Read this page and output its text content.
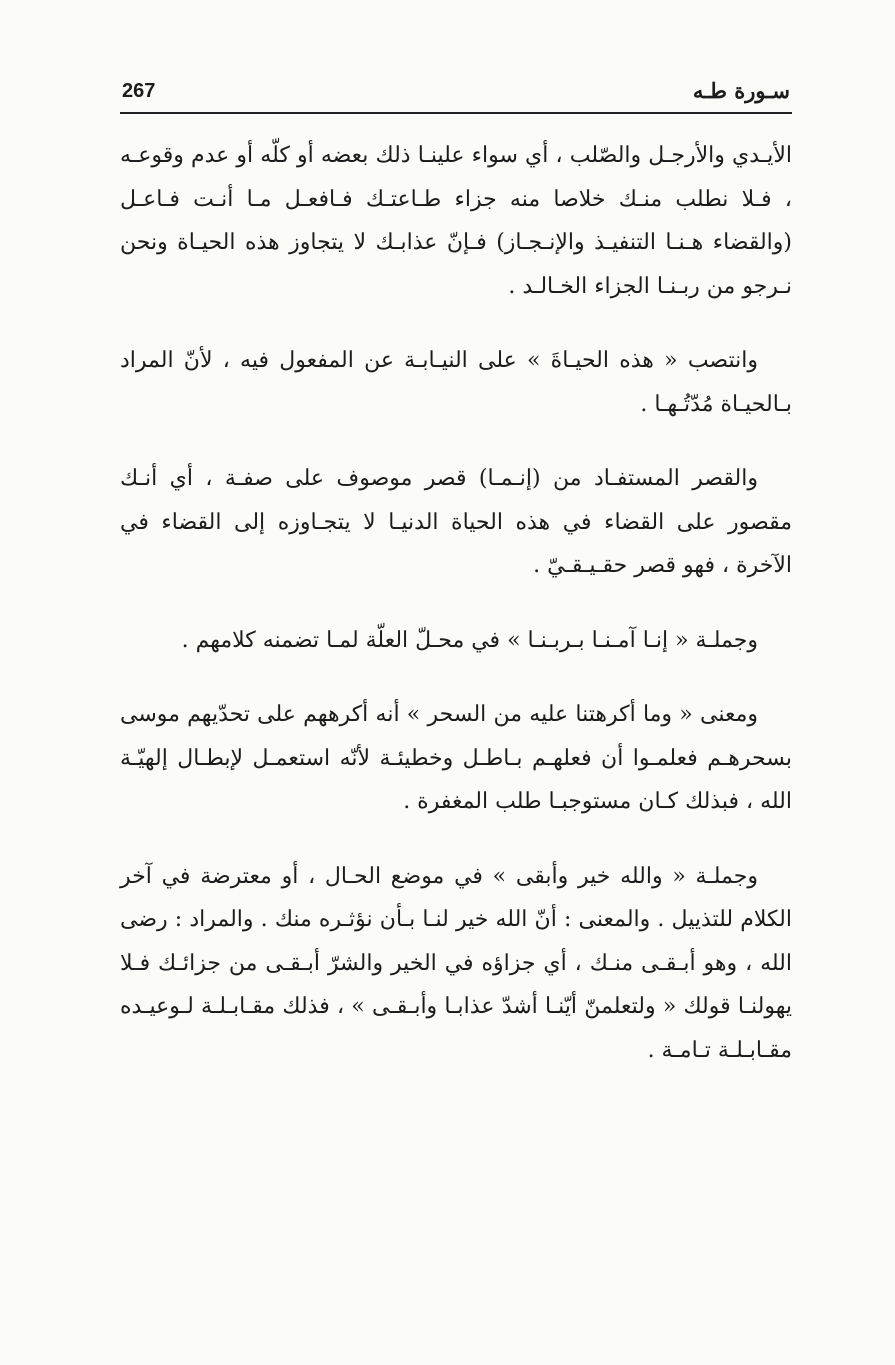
267	سـورة طـه

الأيـدي والأرجـل والصّلب ، أي سواء علينـا ذلك بعضه أو كلّه أو عدم وقوعـه ، فـلا نطلب منـك خلاصا منه جزاء طـاعتـك فـافعـل مـا أنـت فـاعـل (والقضاء هـنـا التنفيـذ والإنـجـاز) فـإنّ عذابـك لا يتجاوز هذه الحيـاة ونحن نـرجو من ربـنـا الجزاء الخـالـد .

وانتصب « هذه الحيـاةَ » على النيـابـة عن المفعول فيه ، لأنّ المراد بـالحيـاة مُدّتُـهـا .

والقصر المستفـاد من (إنـمـا) قصر موصوف على صفـة ، أي أنـك مقصور على القضاء في هذه الحياة الدنيـا لا يتجـاوزه إلى القضاء في الآخرة ، فهو قصر حقـيـقـيّ .

وجملـة « إنـا آمـنـا بـربـنـا » في محـلّ العلّة لمـا تضمنه كلامهم .

ومعنى « وما أكرهتنا عليه من السحر » أنه أكرههم على تحدّيهم موسى بسحرهـم فعلمـوا أن فعلهـم بـاطـل وخطيئـة لأنّه استعمـل لإبطـال إلهيّـة الله ، فبذلك كـان مستوجبـا طلب المغفرة .

وجملـة « والله خير وأبقى » في موضع الحـال ، أو معترضة في آخر الكلام للتذييل . والمعنى : أنّ الله خير لنـا بـأن نؤثـره منك . والمراد : رضى الله ، وهو أبـقـى منـك ، أي جزاؤه في الخير والشرّ أبـقـى من جزائـك فـلا يهولنـا قولك « ولتعلمنّ أيّنـا أشدّ عذابـا وأبـقـى » ، فذلك مقـابـلـة لـوعيـده مقـابـلـة تـامـة .
